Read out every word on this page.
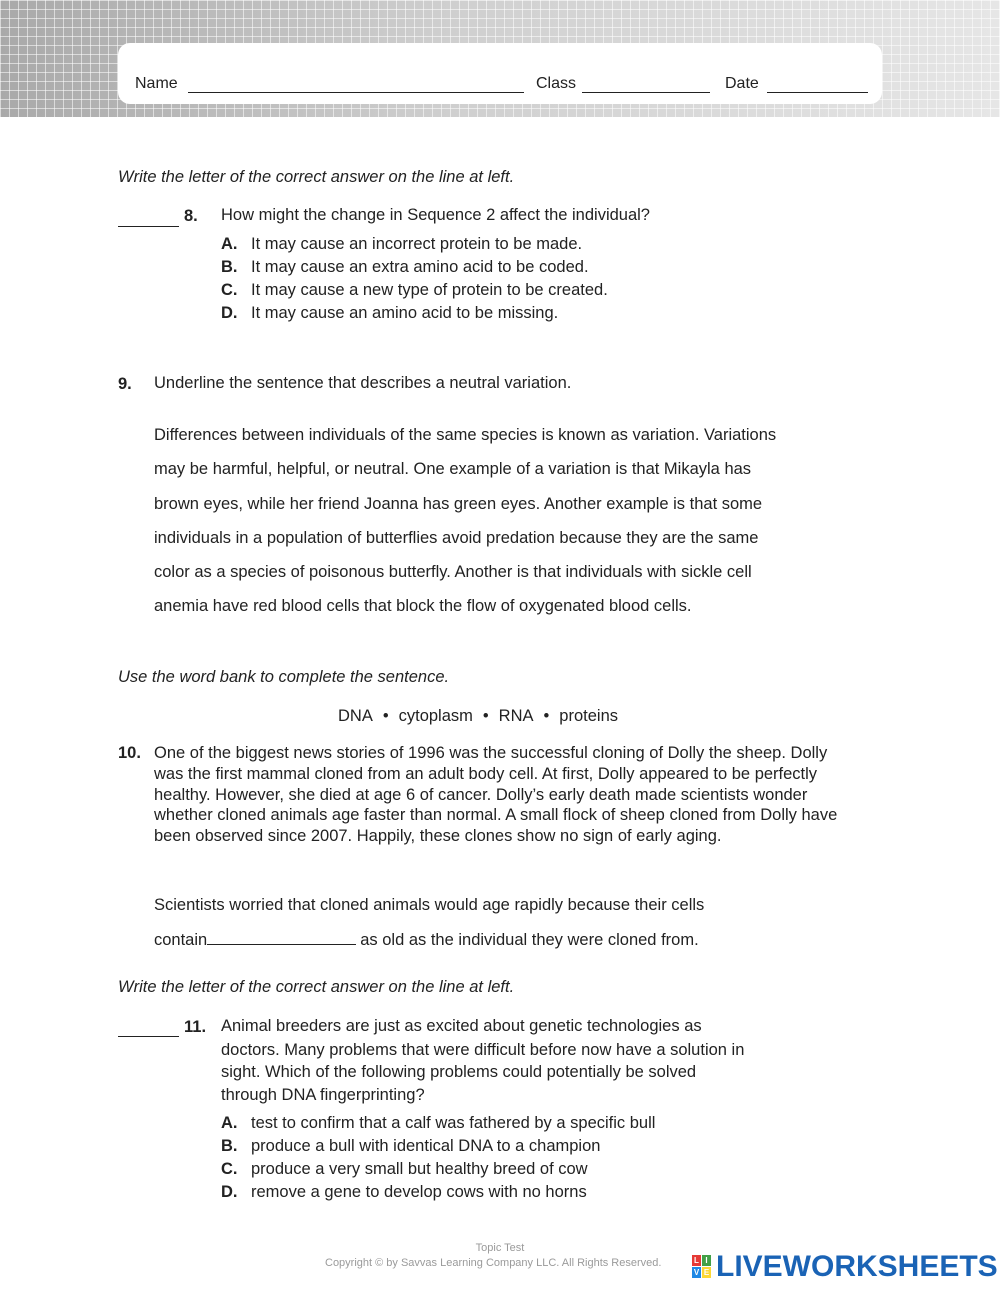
Name	Class	Date
Write the letter of the correct answer on the line at left.
8. How might the change in Sequence 2 affect the individual?
A. It may cause an incorrect protein to be made.
B. It may cause an extra amino acid to be coded.
C. It may cause a new type of protein to be created.
D. It may cause an amino acid to be missing.
9. Underline the sentence that describes a neutral variation.
Differences between individuals of the same species is known as variation. Variations
may be harmful, helpful, or neutral. One example of a variation is that Mikayla has
brown eyes, while her friend Joanna has green eyes. Another example is that some
individuals in a population of butterflies avoid predation because they are the same
color as a species of poisonous butterfly. Another is that individuals with sickle cell
anemia have red blood cells that block the flow of oxygenated blood cells.
Use the word bank to complete the sentence.
DNA • cytoplasm • RNA • proteins
10. One of the biggest news stories of 1996 was the successful cloning of Dolly the sheep. Dolly was the first mammal cloned from an adult body cell. At first, Dolly appeared to be perfectly healthy. However, she died at age 6 of cancer. Dolly’s early death made scientists wonder whether cloned animals age faster than normal. A small flock of sheep cloned from Dolly have been observed since 2007. Happily, these clones show no sign of early aging.
Scientists worried that cloned animals would age rapidly because their cells
contain	as old as the individual they were cloned from.
Write the letter of the correct answer on the line at left.
11. Animal breeders are just as excited about genetic technologies as
doctors. Many problems that were difficult before now have a solution in
sight. Which of the following problems could potentially be solved
through DNA fingerprinting?
A. test to confirm that a calf was fathered by a specific bull
B. produce a bull with identical DNA to a champion
C. produce a very small but healthy breed of cow
D. remove a gene to develop cows with no horns
Topic Test
Copyright © by Savvas Learning Company LLC. All Rights Reserved.	L I
V E LIVEWORKSHEETS
